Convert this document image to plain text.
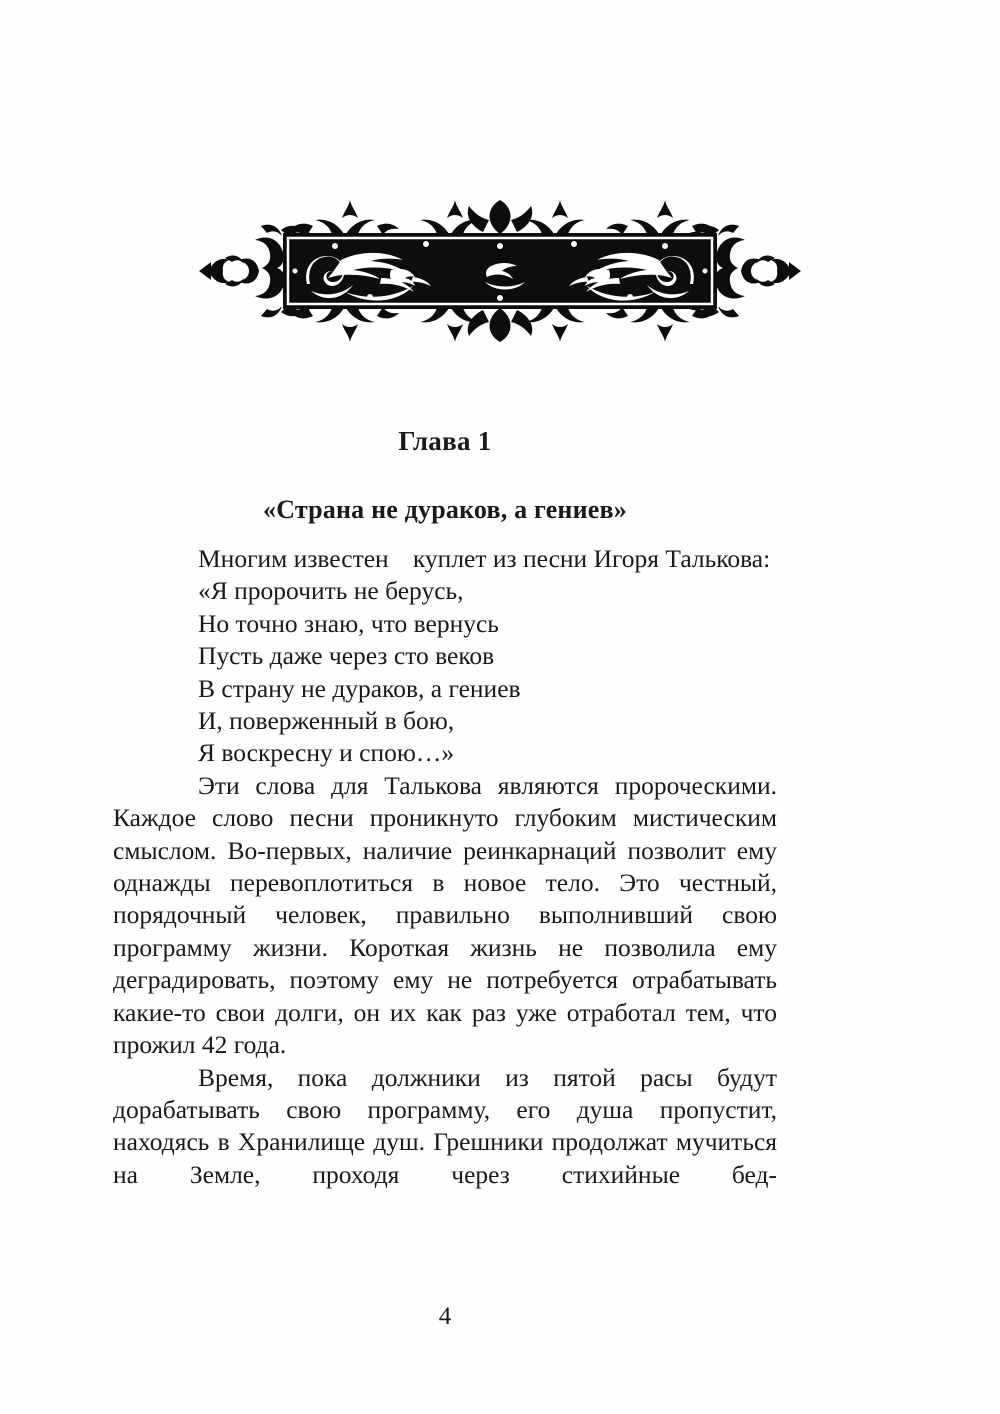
Глава 1
«Страна не дураков, а гениев»

Многим известен куплет из песни Игоря Талькова:

«Я пророчить не берусь,
Но точно знаю, что вернусь
Пусть даже через сто веков
В страну не дураков, а гениев
И, поверженный в бою,
Я воскресну и спою…»

Эти слова для Талькова являются пророческими. Каждое слово песни проникнуто глубоким мистическим смыслом. Во-первых, наличие реинкарнаций позволит ему однажды перевоплотиться в новое тело. Это честный, порядочный человек, правильно выполнивший свою программу жизни. Короткая жизнь не позволила ему деградировать, поэтому ему не потребуется отрабатывать какие-то свои долги, он их как раз уже отработал тем, что прожил 42 года.

Время, пока должники из пятой расы будут дорабатывать свою программу, его душа пропустит, находясь в Хранилище душ. Грешники продолжат мучиться на Земле, проходя через стихийные бед-

4
